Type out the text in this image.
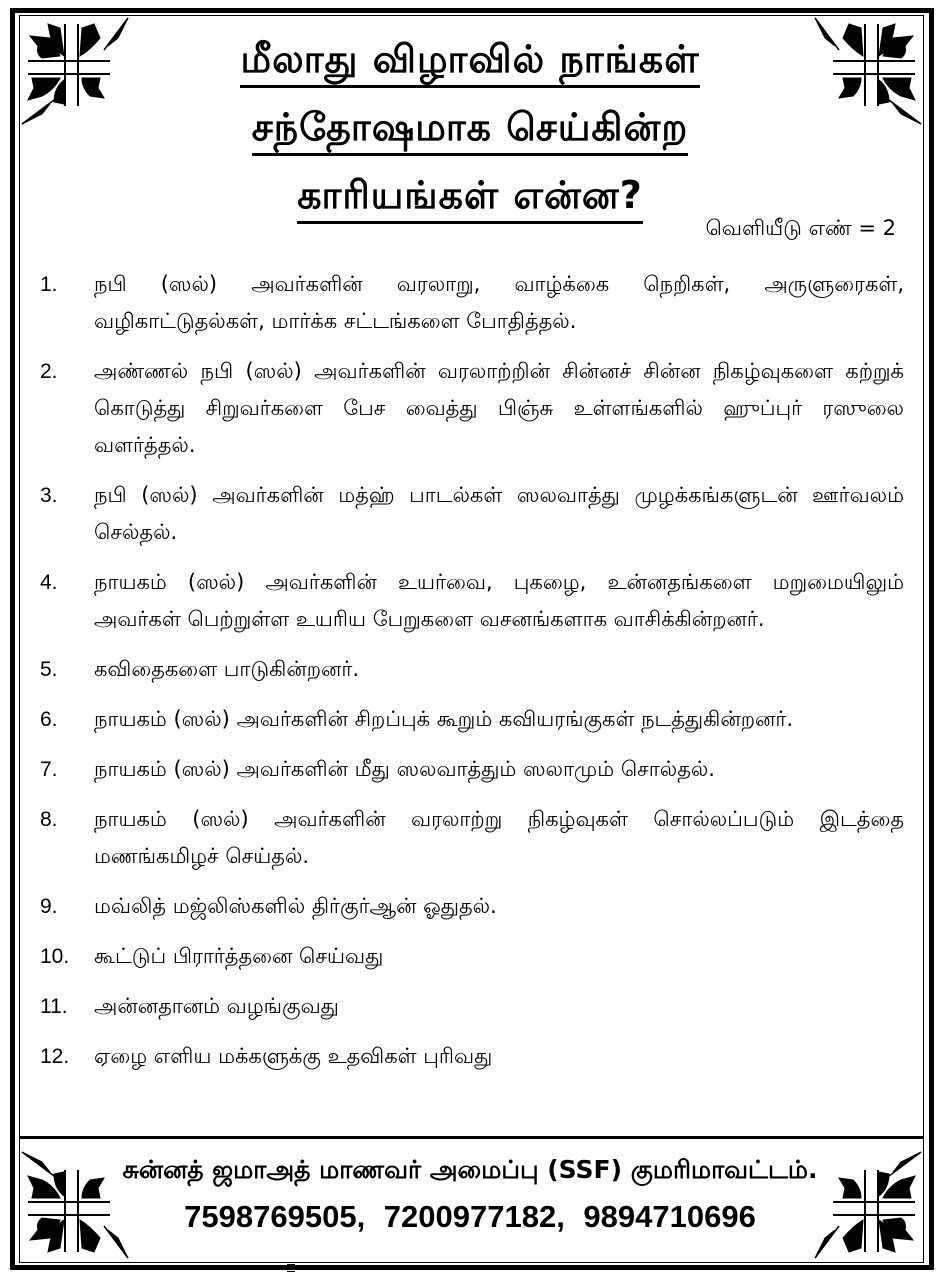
மீலாது விழாவில் நாங்கள்
சந்தோஷமாக செய்கின்ற
காரியங்கள் என்ன?
வெளியீடு எண் = 2
1.	நபி (ஸல்) அவர்களின் வரலாறு, வாழ்க்கை நெறிகள், அருளுரைகள், வழிகாட்டுதல்கள், மார்க்க சட்டங்களை போதித்தல்.
2.	அண்ணல் நபி (ஸல்) அவர்களின் வரலாற்றின் சின்னச் சின்ன நிகழ்வுகளை கற்றுக் கொடுத்து சிறுவர்களை பேச வைத்து பிஞ்சு உள்ளங்களில் ஹுப்புர் ரஸுலை வளர்த்தல்.
3.	நபி (ஸல்) அவர்களின் மத்ஹ் பாடல்கள் ஸலவாத்து முழக்கங்களுடன் ஊர்வலம் செல்தல்.
4.	நாயகம் (ஸல்) அவர்களின் உயர்வை, புகழை, உன்னதங்களை மறுமையிலும் அவர்கள் பெற்றுள்ள உயரிய பேறுகளை வசனங்களாக வாசிக்கின்றனர்.
5.	கவிதைகளை பாடுகின்றனர்.
6.	நாயகம் (ஸல்) அவர்களின் சிறப்புக் கூறும் கவியரங்குகள் நடத்துகின்றனர்.
7.	நாயகம் (ஸல்) அவர்களின் மீது ஸலவாத்தும் ஸலாமும் சொல்தல்.
8.	நாயகம் (ஸல்) அவர்களின் வரலாற்று நிகழ்வுகள் சொல்லப்படும் இடத்தை மணங்கமிழச் செய்தல்.
9.	மவ்லித் மஜ்லிஸ்களில் திர்குர்ஆன் ஓதுதல்.
10.	கூட்டுப் பிரார்த்தனை செய்வது
11.	அன்னதானம் வழங்குவது
12.	ஏழை எளிய மக்களுக்கு உதவிகள் புரிவது
சுன்னத் ஜமாஅத் மாணவர் அமைப்பு (SSF) குமரிமாவட்டம்.
7598769505, 7200977182, 9894710696
